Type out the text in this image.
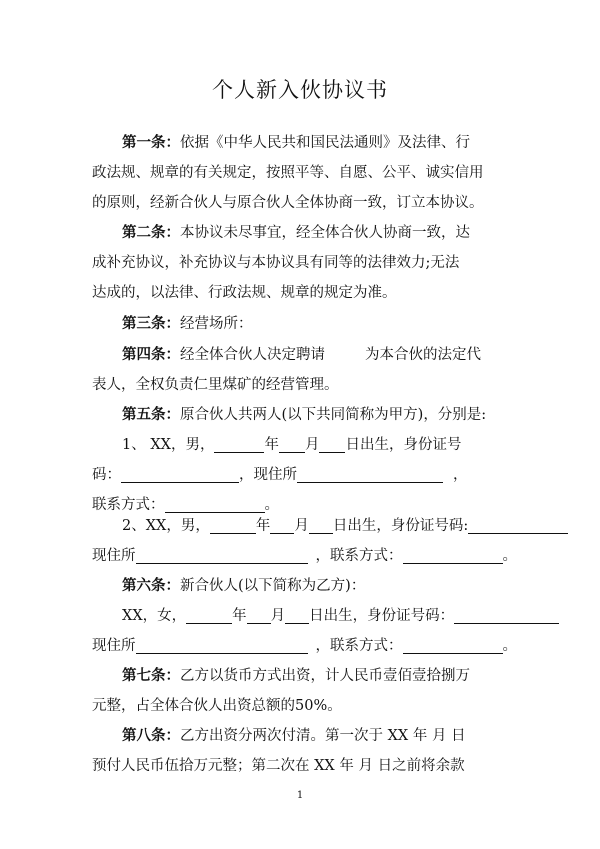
个人新入伙协议书
第一条：依据《中华人民共和国民法通则》及法律、行
政法规、规章的有关规定，按照平等、自愿、公平、诚实信用
的原则，经新合伙人与原合伙人全体协商一致，订立本协议。
第二条：本协议未尽事宜，经全体合伙人协商一致，达
成补充协议，补充协议与本协议具有同等的法律效力;无法
达成的，以法律、行政法规、规章的规定为准。
第三条：经营场所：
第四条：经全体合伙人决定聘请	为本合伙的法定代
表人，全权负责仁里煤矿的经营管理。
第五条：原合伙人共两人(以下共同简称为甲方)，分别是:
1、 XX，男，	年 月 日出生，身份证号
码：	，现住所	，
联系方式：	。
2、XX，男，	年 月 日出生，身份证号码:
现住所	，联系方式：	。
第六条：新合伙人(以下简称为乙方)：
XX，女，	年 月 日出生，身份证号码：
现住所	，联系方式：	。
第七条：乙方以货币方式出资，计人民币壹佰壹拾捌万
元整，占全体合伙人出资总额的50%。
1
第八条：乙方出资分两次付清。第一次于 XX 年 月 日
预付人民币伍拾万元整；第二次在 XX 年 月 日之前将余款
